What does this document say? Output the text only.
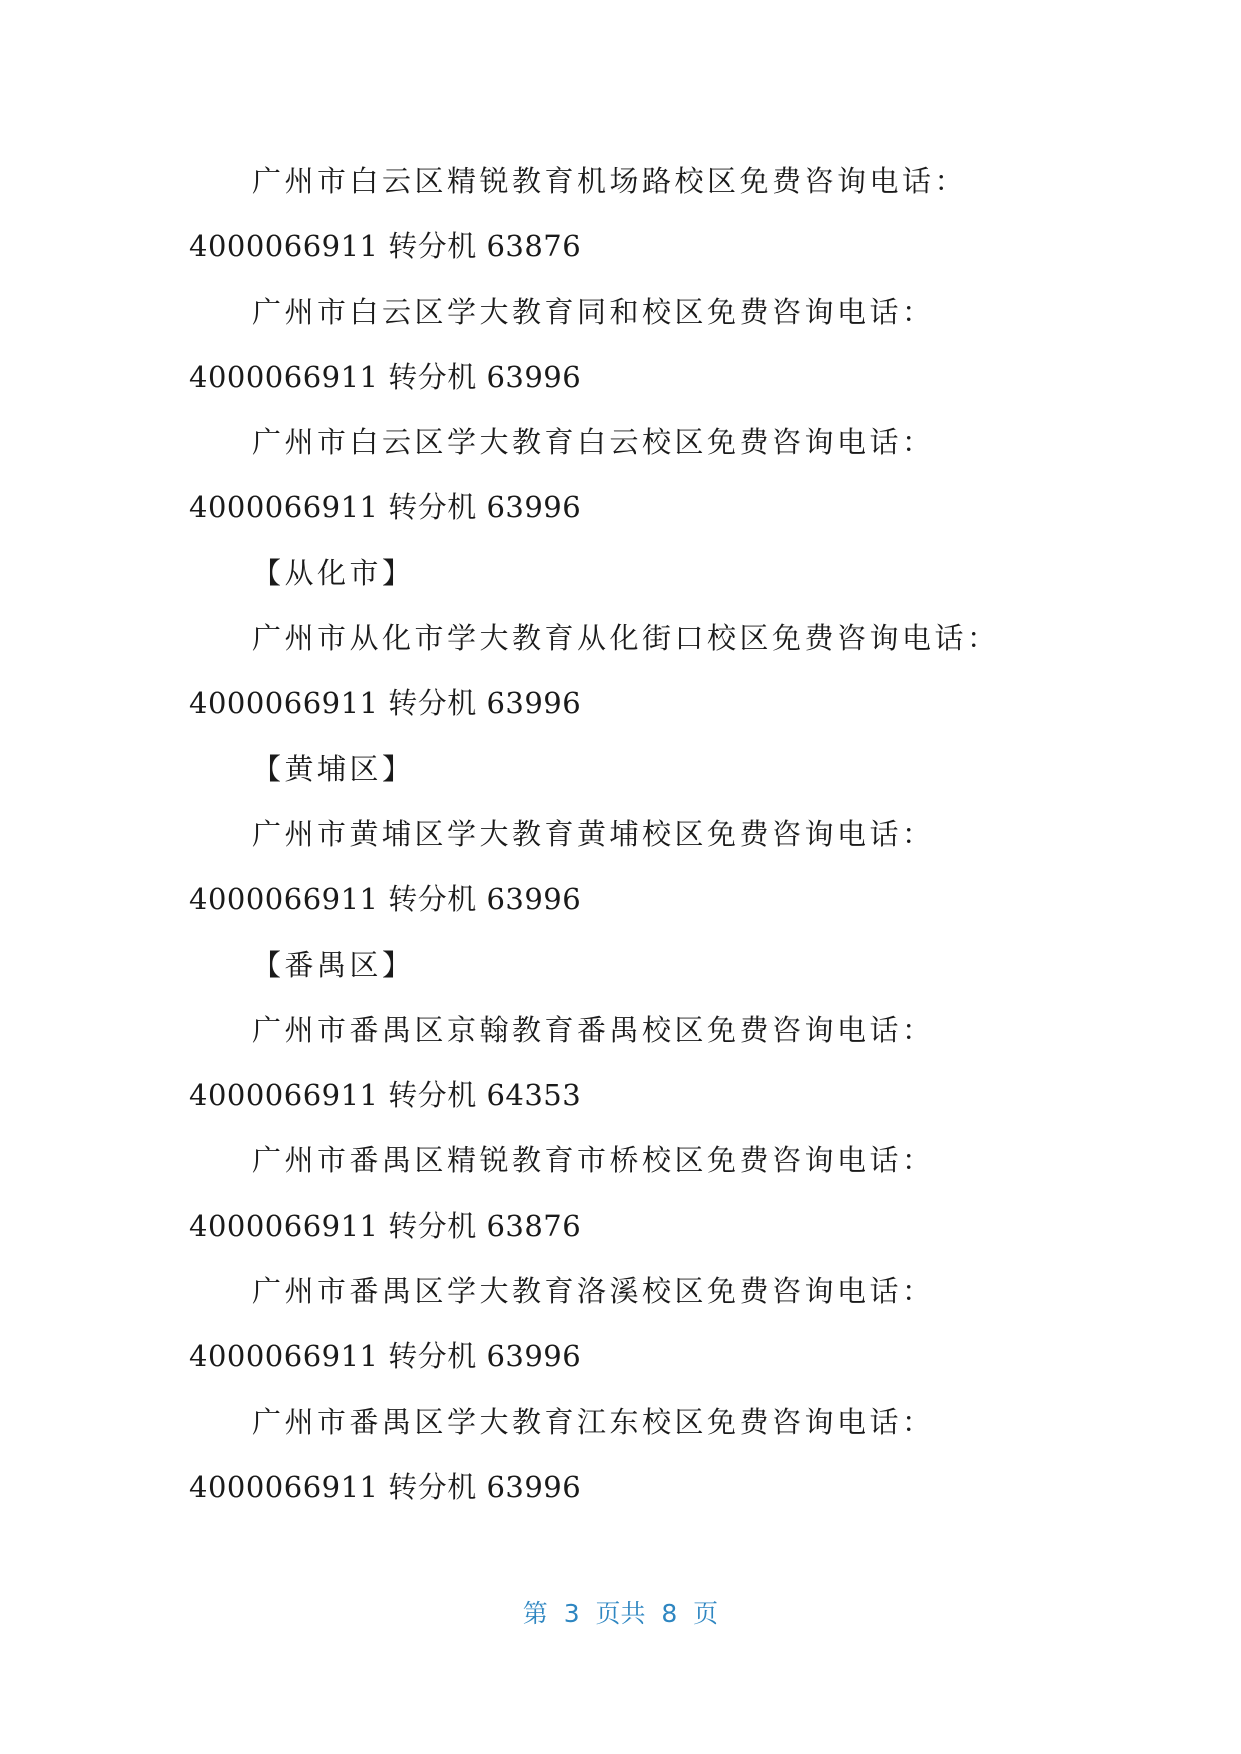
广州市白云区精锐教育机场路校区免费咨询电话：
4000066911 转分机 63876
广州市白云区学大教育同和校区免费咨询电话：
4000066911 转分机 63996
广州市白云区学大教育白云校区免费咨询电话：
4000066911 转分机 63996
【从化市】
广州市从化市学大教育从化街口校区免费咨询电话：
4000066911 转分机 63996
【黄埔区】
广州市黄埔区学大教育黄埔校区免费咨询电话：
4000066911 转分机 63996
【番禺区】
广州市番禺区京翰教育番禺校区免费咨询电话：
4000066911 转分机 64353
广州市番禺区精锐教育市桥校区免费咨询电话：
4000066911 转分机 63876
广州市番禺区学大教育洛溪校区免费咨询电话：
4000066911 转分机 63996
广州市番禺区学大教育江东校区免费咨询电话：
4000066911 转分机 63996
第  3  页共  8  页
